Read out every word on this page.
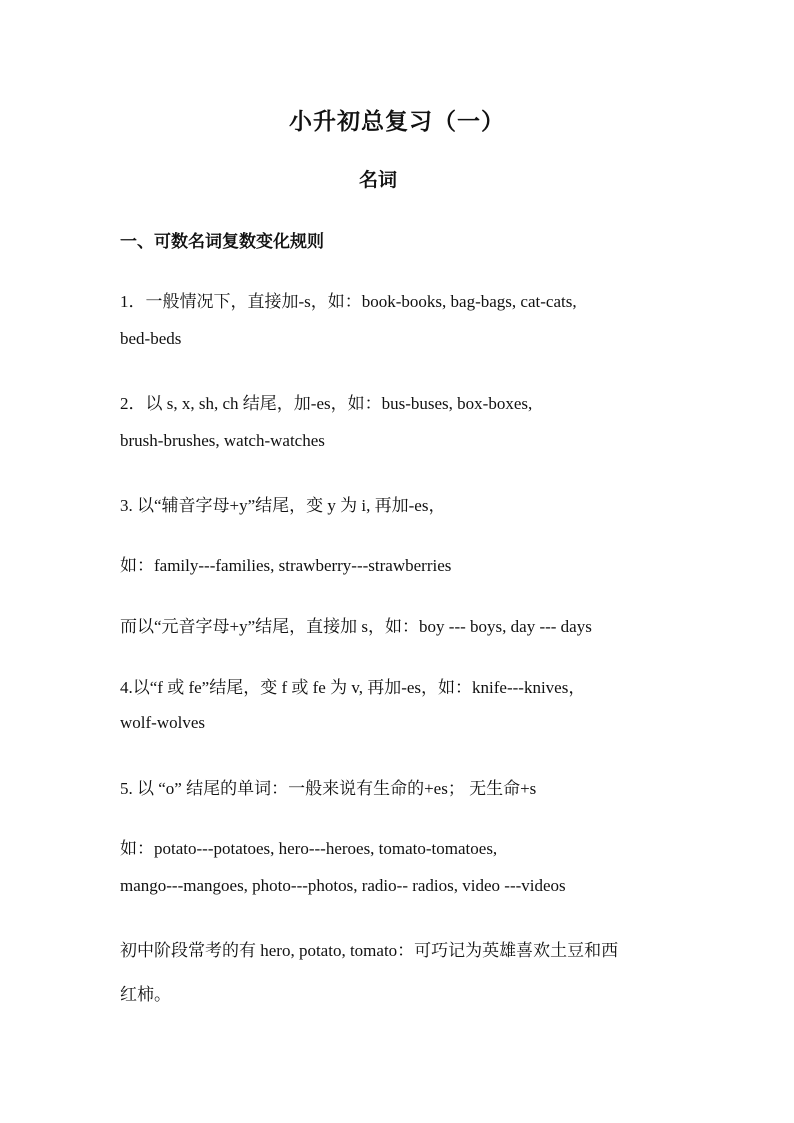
小升初总复习（一）
名词
一、可数名词复数变化规则
1．一般情况下，直接加-s，如：book-books, bag-bags, cat-cats,
bed-beds
2．以 s, x, sh, ch 结尾，加-es，如：bus-buses, box-boxes,
brush-brushes, watch-watches
3. 以“辅音字母+y”结尾，变 y 为 i, 再加-es，
如：family---families, strawberry---strawberries
而以“元音字母+y”结尾，直接加 s，如：boy --- boys, day --- days
4.以“f 或 fe”结尾，变 f 或 fe 为 v, 再加-es，如：knife---knives，
wolf-wolves
5. 以 “o” 结尾的单词：一般来说有生命的+es； 无生命+s
如：potato---potatoes, hero---heroes, tomato-tomatoes,
mango---mangoes, photo---photos, radio-- radios, video ---videos
初中阶段常考的有 hero, potato, tomato：可巧记为英雄喜欢土豆和西
红柿。
